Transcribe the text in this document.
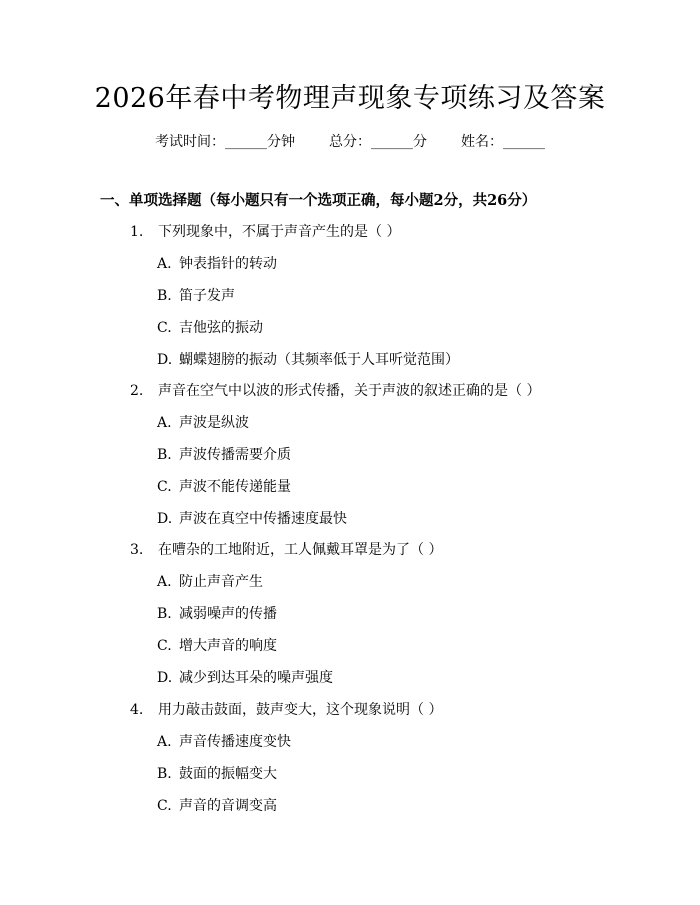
2026年春中考物理声现象专项练习及答案
考试时间：______分钟 总分：______分 姓名：______
一、单项选择题（每小题只有一个选项正确，每小题2分，共26分）
1. 下列现象中，不属于声音产生的是（ ）
A. 钟表指针的转动
B. 笛子发声
C. 吉他弦的振动
D. 蝴蝶翅膀的振动（其频率低于人耳听觉范围）
2. 声音在空气中以波的形式传播，关于声波的叙述正确的是（ ）
A. 声波是纵波
B. 声波传播需要介质
C. 声波不能传递能量
D. 声波在真空中传播速度最快
3. 在嘈杂的工地附近，工人佩戴耳罩是为了（ ）
A. 防止声音产生
B. 减弱噪声的传播
C. 增大声音的响度
D. 减少到达耳朵的噪声强度
4. 用力敲击鼓面，鼓声变大，这个现象说明（ ）
A. 声音传播速度变快
B. 鼓面的振幅变大
C. 声音的音调变高
